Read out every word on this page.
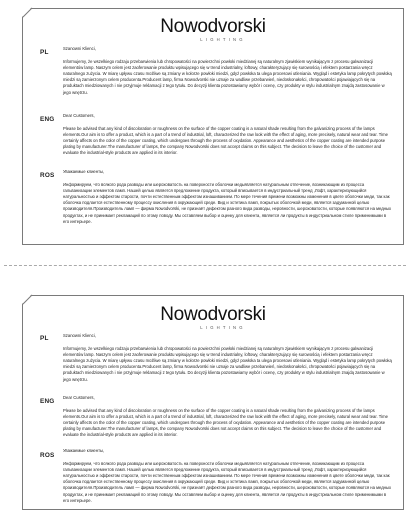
Nowodvorski
LIGHTING
PL

Szanowni Klienci,

Informujemy, że wszelkiego rodzaju przebarwienia lub chropowatości na powierzchni powłoki miedzianej są naturalnym zjawiskiem wynikającym z procesu galwanizacji elementów lamp. Naszym celem jest zaoferowanie produktu wpisującego się w trend industrialny, loftowy, charakteryzujący się surowością i efektem postarzania wręcz naturalnego zużycia. W miarę upływu czasu możliwe są zmiany w kolorze powłoki miedzi, gdyż powłoka ta ulega procesowi utleniania. Wygląd i estetyka lamp pokrytych powłoką miedzi są zamierzonym celem producenta.Producent lamp, firma Nowodvorski nie uznaje za wadliwe przebarwień, niedoskonałości, chropowatości pojawiających się na produktach miedziowanych i nie przyjmuje reklamacji z tego tytułu. Do decyzji klienta pozostawiamy wybór i ocenę, czy produkty w stylu industrialnym znajdą zastosowanie w jego wnętrzu.

ENG

Dear Customers,

Please be advised that any kind of discoloration or roughness on the surface of the copper coating is a natural shade resulting from the galvanizing process of the lamps elements.Our aim is to offer a product, which is a part of a trend of industrial, loft, characterized the raw look with the effect of aging, more precisely, natural wear and tear. Time certainly affects on the color of the copper coating, which undergoes through the process of oxydation. Appearance and aesthetics of the copper coating are intended purpose plating by manufacturer.The manufacturer of lamps, the company Nowodvorski does not accept claims on this subject. The decision to leave the choice of the customer and evaluate the industrial-style products are applied in its interior.

ROS

Уважаемые клиенты,

Информируем, что всякого рода разводы или шероховатость на поверхности оболочки медьявляется натуральным отпечение, возникающим из процесса гальванизации элементов ламп. Нашей целью является предложение продукта, который вписывается в индустриальный тренд ,Лофт, характеризующийся натуральностью и эффектом старости, почти естественным эффектом изнашиванием. По мере течения времени возможны изменения в цвете оболочки меди, так как оболочка подлается естественному процессу окисления в окружающей среде. Вид и эстетика ламп, покрытых оболочкой меди, является задуманной целью производителя.Производитель ламп — фирма Nowodvorski, не признаёт дефектом разного вида разводы, неровности, шероховатости, которые появляются на медных продуктах, и не принимает рекламаций по этому поводу. Мы оставляем выбор и оценку для клиента, является ли продукты в индустриальном стиле применимыми в его интерьере.

Nowodvorski
LIGHTING
PL	Szanowni Klienci,

Informujemy, że wszelkiego rodzaju przebarwienia lub chropowatości na powierzchni powłoki miedzianej są naturalnym zjawiskiem wynikającym z procesu galwanizacji elementów lamp. Naszym celem jest zaoferowanie produktu wpisującego się w trend industrialny, loftowy, charakteryzujący się surowością i efektem postarzania wręcz naturalnego zużycia. W miarę upływu czasu możliwe są zmiany w kolorze powłoki miedzi, gdyż powłoka ta ulega procesowi utleniania. Wygląd i estetyka lamp pokrytych powłoką miedzi są zamierzonym celem producenta.Producent lamp, firma Nowodvorski nie uznaje za wadliwe przebarwień, niedoskonałości, chropowatości pojawiających się na produktach miedziowanych i nie przyjmuje reklamacji z tego tytułu. Do decyzji klienta pozostawiamy wybór i ocenę, czy produkty w stylu industrialnym znajdą zastosowanie w jego wnętrzu.

ENG

Dear Customers,

Please be advised that any kind of discoloration or roughness on the surface of the copper coating is a natural shade resulting from the galvanizing process of the lamps elements.Our aim is to offer a product, which is a part of a trend of industrial, loft, characterized the raw look with the effect of aging, more precisely, natural wear and tear. Time certainly affects on the color of the copper coating, which undergoes through the process of oxydation. Appearance and aesthetics of the copper coating are intended purpose plating by manufacturer.The manufacturer of lamps, the company Nowodvorski does not accept claims on this subject. The decision to leave the choice of the customer and evaluate the industrial-style products are applied in its interior.

ROS

Уважаемые клиенты,

Информируем, что всякого рода разводы или шероховатость на поверхности оболочки медьявляется натуральным отпечение, возникающим из процесса гальванизации элементов ламп. Нашей целью является предложение продукта, который вписывается в индустриальный тренд ,Лофт, характеризующийся натуральностью и эффектом старости, почти естественным эффектом изнашиванием. По мере течения времени возможны изменения в цвете оболочки меди, так как оболочка подлается естественному процессу окисления в окружающей среде. Вид и эстетика ламп, покрытых оболочкой меди, является задуманной целью производителя.Производитель ламп — фирма Nowodvorski, не признаёт дефектом разного вида разводы, неровности, шероховатости, которые появляются на медных продуктах, и не принимает рекламаций по этому поводу. Мы оставляем выбор и оценку для клиента, является ли продукты в индустриальном стиле применимыми в его интерьере.
